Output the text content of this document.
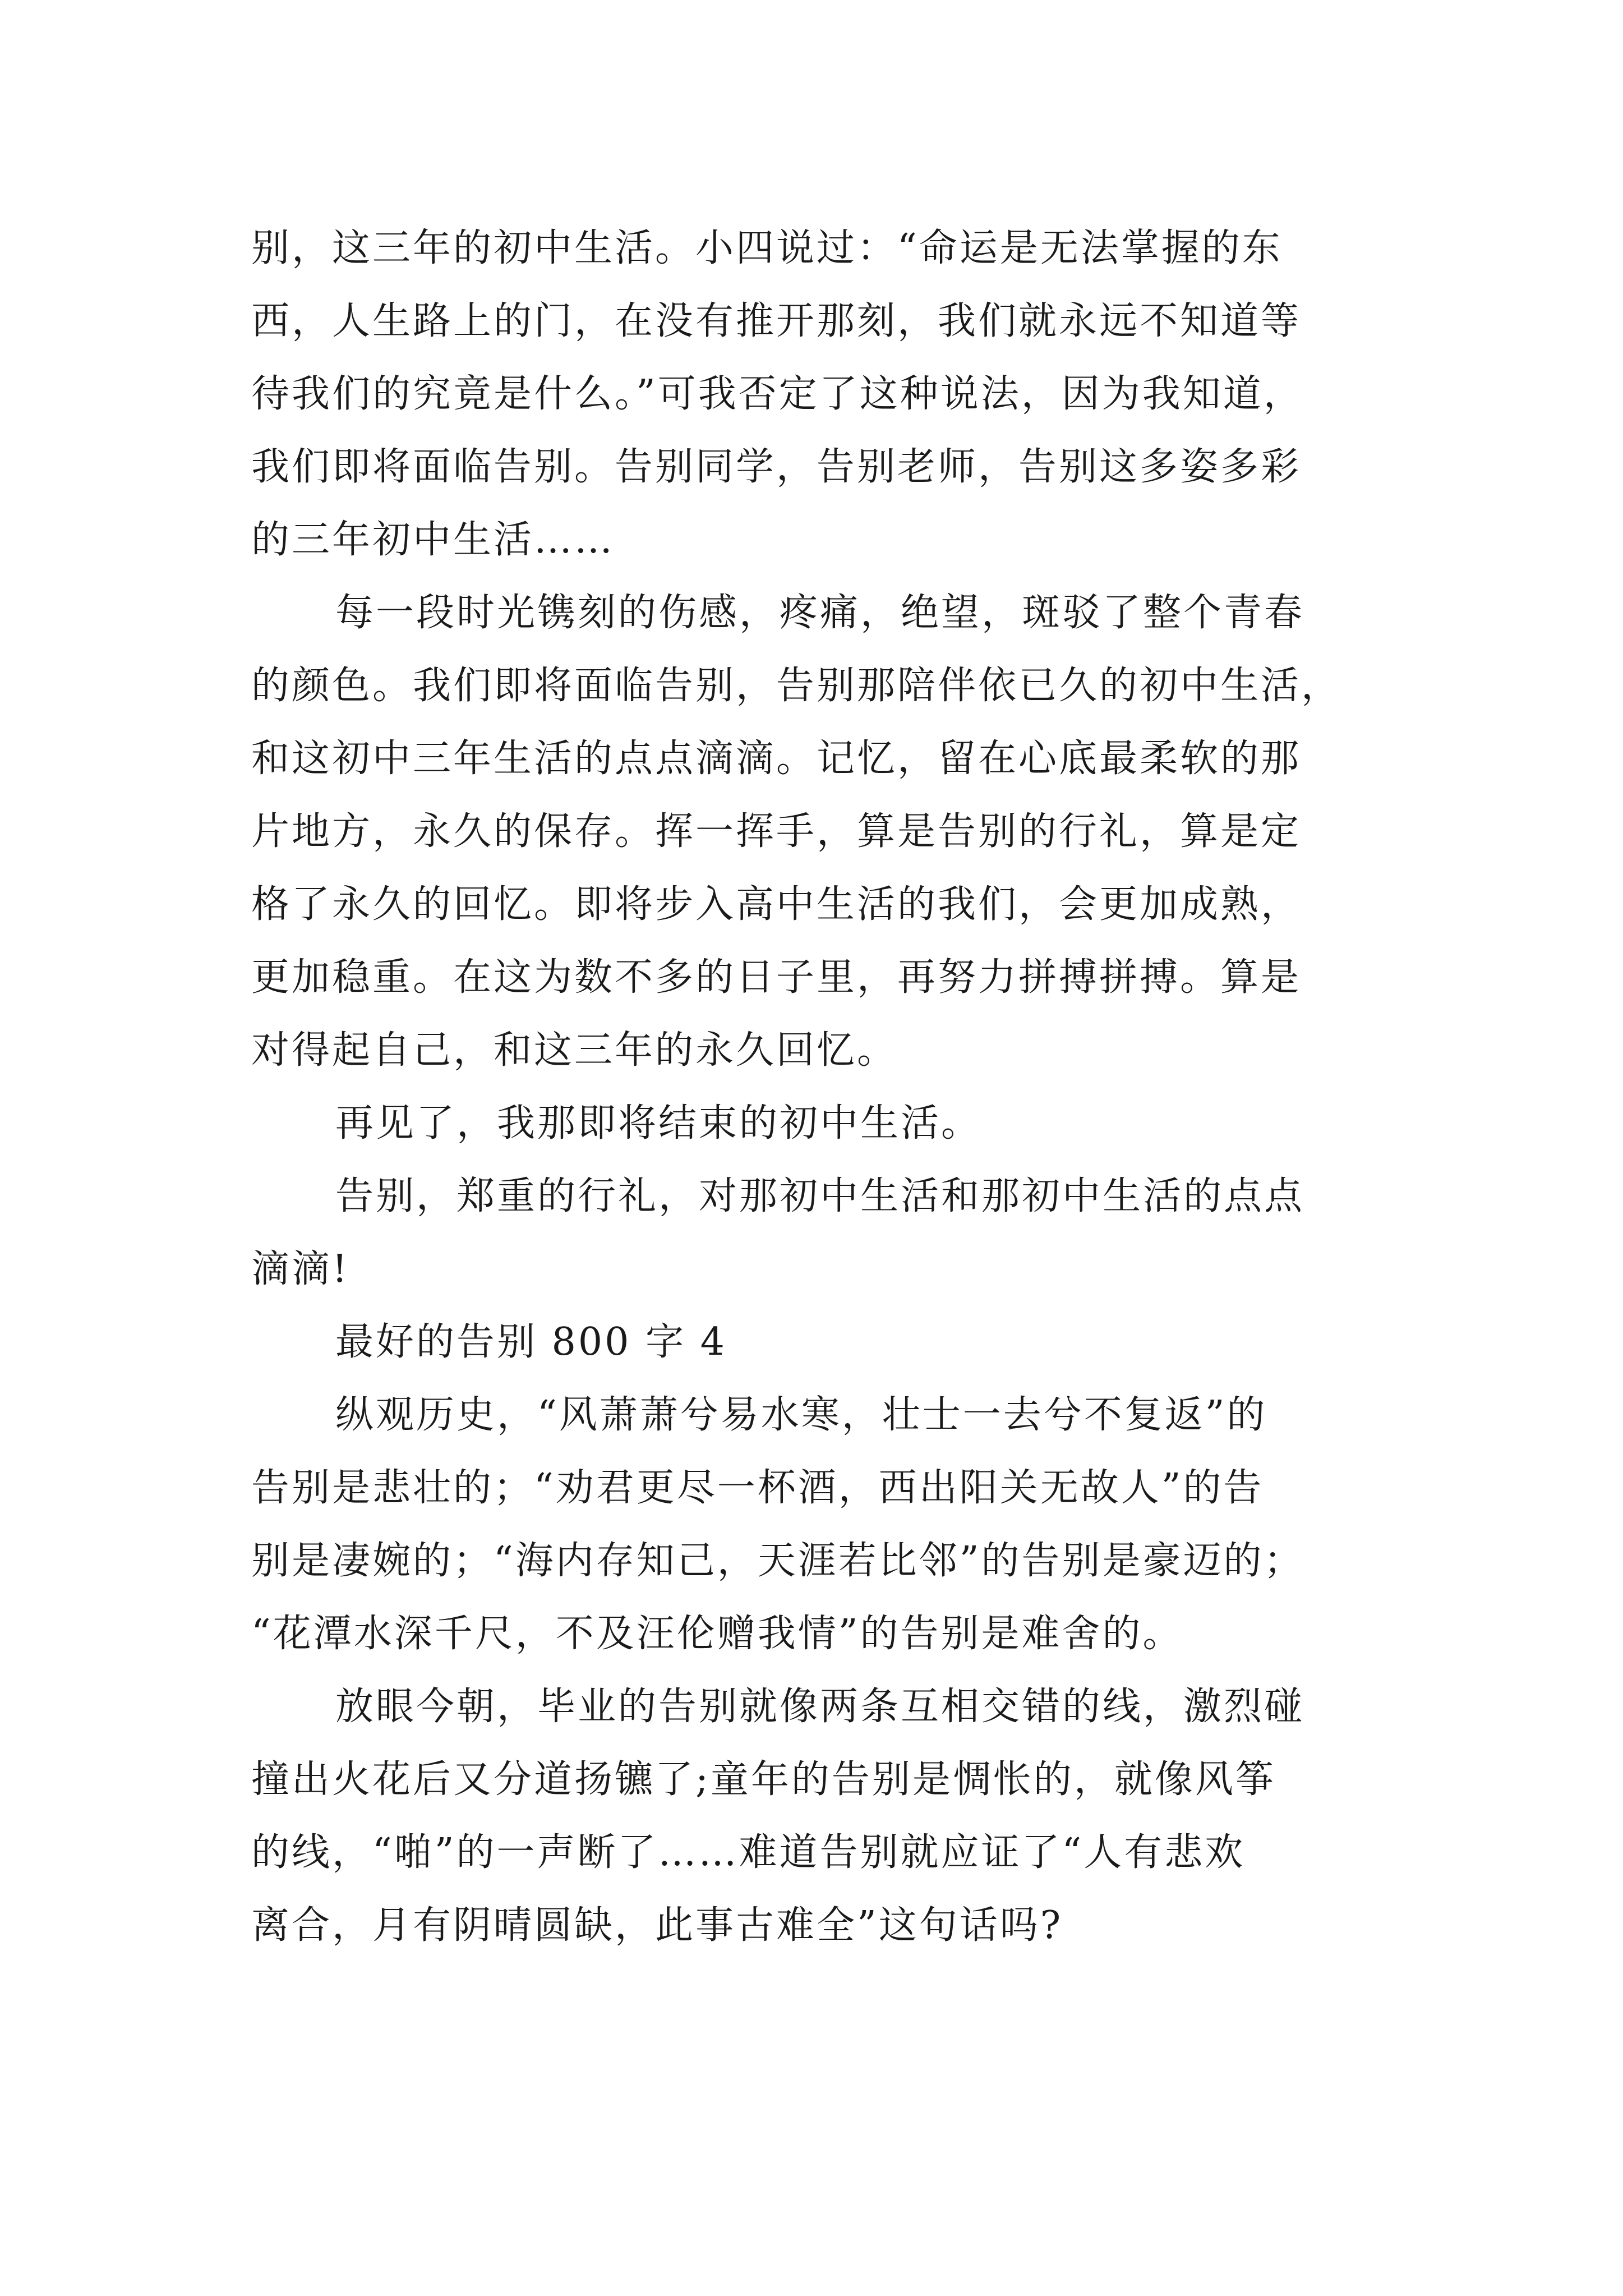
别，这三年的初中生活。小四说过：“命运是无法掌握的东
西，人生路上的门，在没有推开那刻，我们就永远不知道等
待我们的究竟是什么。”可我否定了这种说法，因为我知道，
我们即将面临告别。告别同学，告别老师，告别这多姿多彩
的三年初中生活……
每一段时光镌刻的伤感，疼痛，绝望，斑驳了整个青春
的颜色。我们即将面临告别，告别那陪伴依已久的初中生活，
和这初中三年生活的点点滴滴。记忆，留在心底最柔软的那
片地方，永久的保存。挥一挥手，算是告别的行礼，算是定
格了永久的回忆。即将步入高中生活的我们，会更加成熟，
更加稳重。在这为数不多的日子里，再努力拼搏拼搏。算是
对得起自己，和这三年的永久回忆。
再见了，我那即将结束的初中生活。
告别，郑重的行礼，对那初中生活和那初中生活的点点
滴滴!
最好的告别 800 字 4
纵观历史，“风萧萧兮易水寒，壮士一去兮不复返”的
告别是悲壮的；“劝君更尽一杯酒，西出阳关无故人”的告
别是凄婉的；“海内存知己，天涯若比邻”的告别是豪迈的；
“花潭水深千尺，不及汪伦赠我情”的告别是难舍的。
放眼今朝，毕业的告别就像两条互相交错的线，激烈碰
撞出火花后又分道扬镳了;童年的告别是惆怅的，就像风筝
的线，“啪”的一声断了……难道告别就应证了“人有悲欢
离合，月有阴晴圆缺，此事古难全”这句话吗?
